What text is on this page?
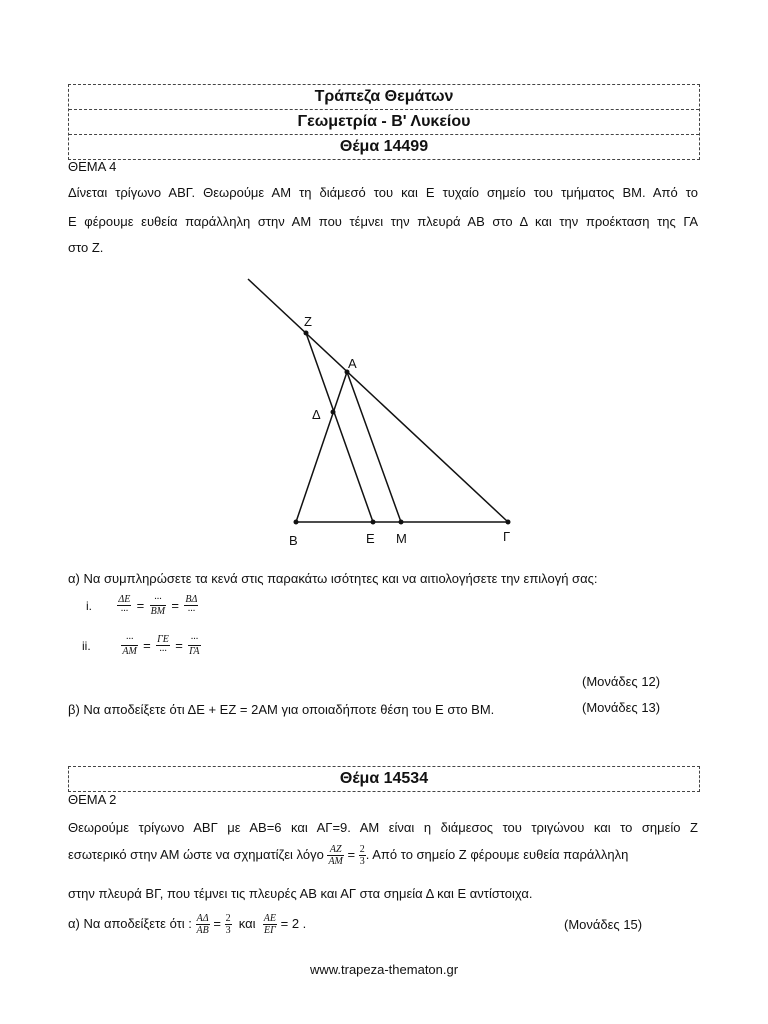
Τράπεζα Θεμάτων
Γεωμετρία - Β' Λυκείου
Θέμα 14499
ΘΕΜΑ 4
Δίνεται τρίγωνο ΑΒΓ. Θεωρούμε ΑΜ τη διάμεσό του και Ε τυχαίο σημείο του τμήματος ΒΜ. Από το
Ε φέρουμε ευθεία παράλληλη στην ΑΜ που τέμνει την πλευρά ΑΒ στο Δ και την προέκταση της ΓΑ
στο Ζ.
Ζ
Α
Δ
Β	Ε Μ	Γ
α) Να συμπληρώσετε τα κενά στις παρακάτω ισότητες και να αιτιολογήσετε την επιλογή σας:
i.	$\frac{\Delta E}{\cdot\cdot\cdot} = \frac{\cdot\cdot\cdot}{BM} = \frac{B\Delta}{\cdot\cdot\cdot}$
ii.	$\frac{\cdot\cdot\cdot}{AM} = \frac{\Gamma E}{\cdot\cdot\cdot} = \frac{\cdot\cdot\cdot}{\Gamma A}$
(Μονάδες 12)
β) Να αποδείξετε ότι ΔΕ + ΕΖ = 2ΑΜ για οποιαδήποτε θέση του Ε στο ΒΜ.	(Μονάδες 13)
Θέμα 14534
ΘΕΜΑ 2
Θεωρούμε τρίγωνο ΑΒΓ με ΑΒ=6 και ΑΓ=9. ΑΜ είναι η διάμεσος του τριγώνου και το σημείο Ζ
εσωτερικό στην ΑΜ ώστε να σχηματίζει λόγο $\frac{AZ}{AM} = \frac{2}{3}$ . Από το σημείο Ζ φέρουμε ευθεία παράλληλη
στην πλευρά ΒΓ, που τέμνει τις πλευρές ΑΒ και ΑΓ στα σημεία Δ και Ε αντίστοιχα.
α) Να αποδείξετε ότι : $\frac{A\Delta}{AB} = \frac{2}{3}$ και $\frac{AE}{E\Gamma} = 2$ .	(Μονάδες 15)
www.trapeza-thematon.gr
